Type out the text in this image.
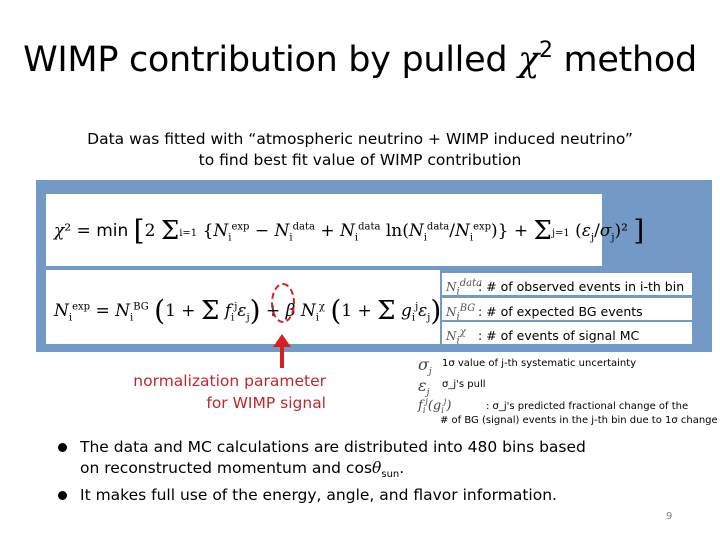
WIMP contribution by pulled $\chi^2$ method
Data was fitted with “atmospheric neutrino + WIMP induced neutrino”
to find best fit value of WIMP contribution
χ² = min [2 Σi=1 {$N_i^{exp} - N_i^{data} + N_i^{data}$ $\ln(N_i^{data}/N_i^{exp})\} + \Sigma j=1$ $(\varepsilon_j/\sigma_j)^2$ ]
$N_i^{exp} = N_i^{BG}$ (1 + Σ $f_i^j\varepsilon_j) + \beta$ $N_i^\chi$ (1 + Σ $g_i^j\varepsilon_j$)
$N_i^{data}$: # of observed events in i-th bin
$N_i^{BG}$ : # of expected BG events
$N_i^\chi$ : # of events of signal MC
normalization parameter
for WIMP signal
$\sigma_j$
1σ value of j-th systematic uncertainty
$\varepsilon_j$
σ_j's pull
$f_i^j(g_i^j)$	: σ_j's predicted fractional change of the
# of BG (signal) events in the j-th bin due to 1σ change
The data and MC calculations are distributed into 480 bins based
on reconstructed momentum and cosθ$_{sun}$.
It makes full use of the energy, angle, and flavor information.
9
